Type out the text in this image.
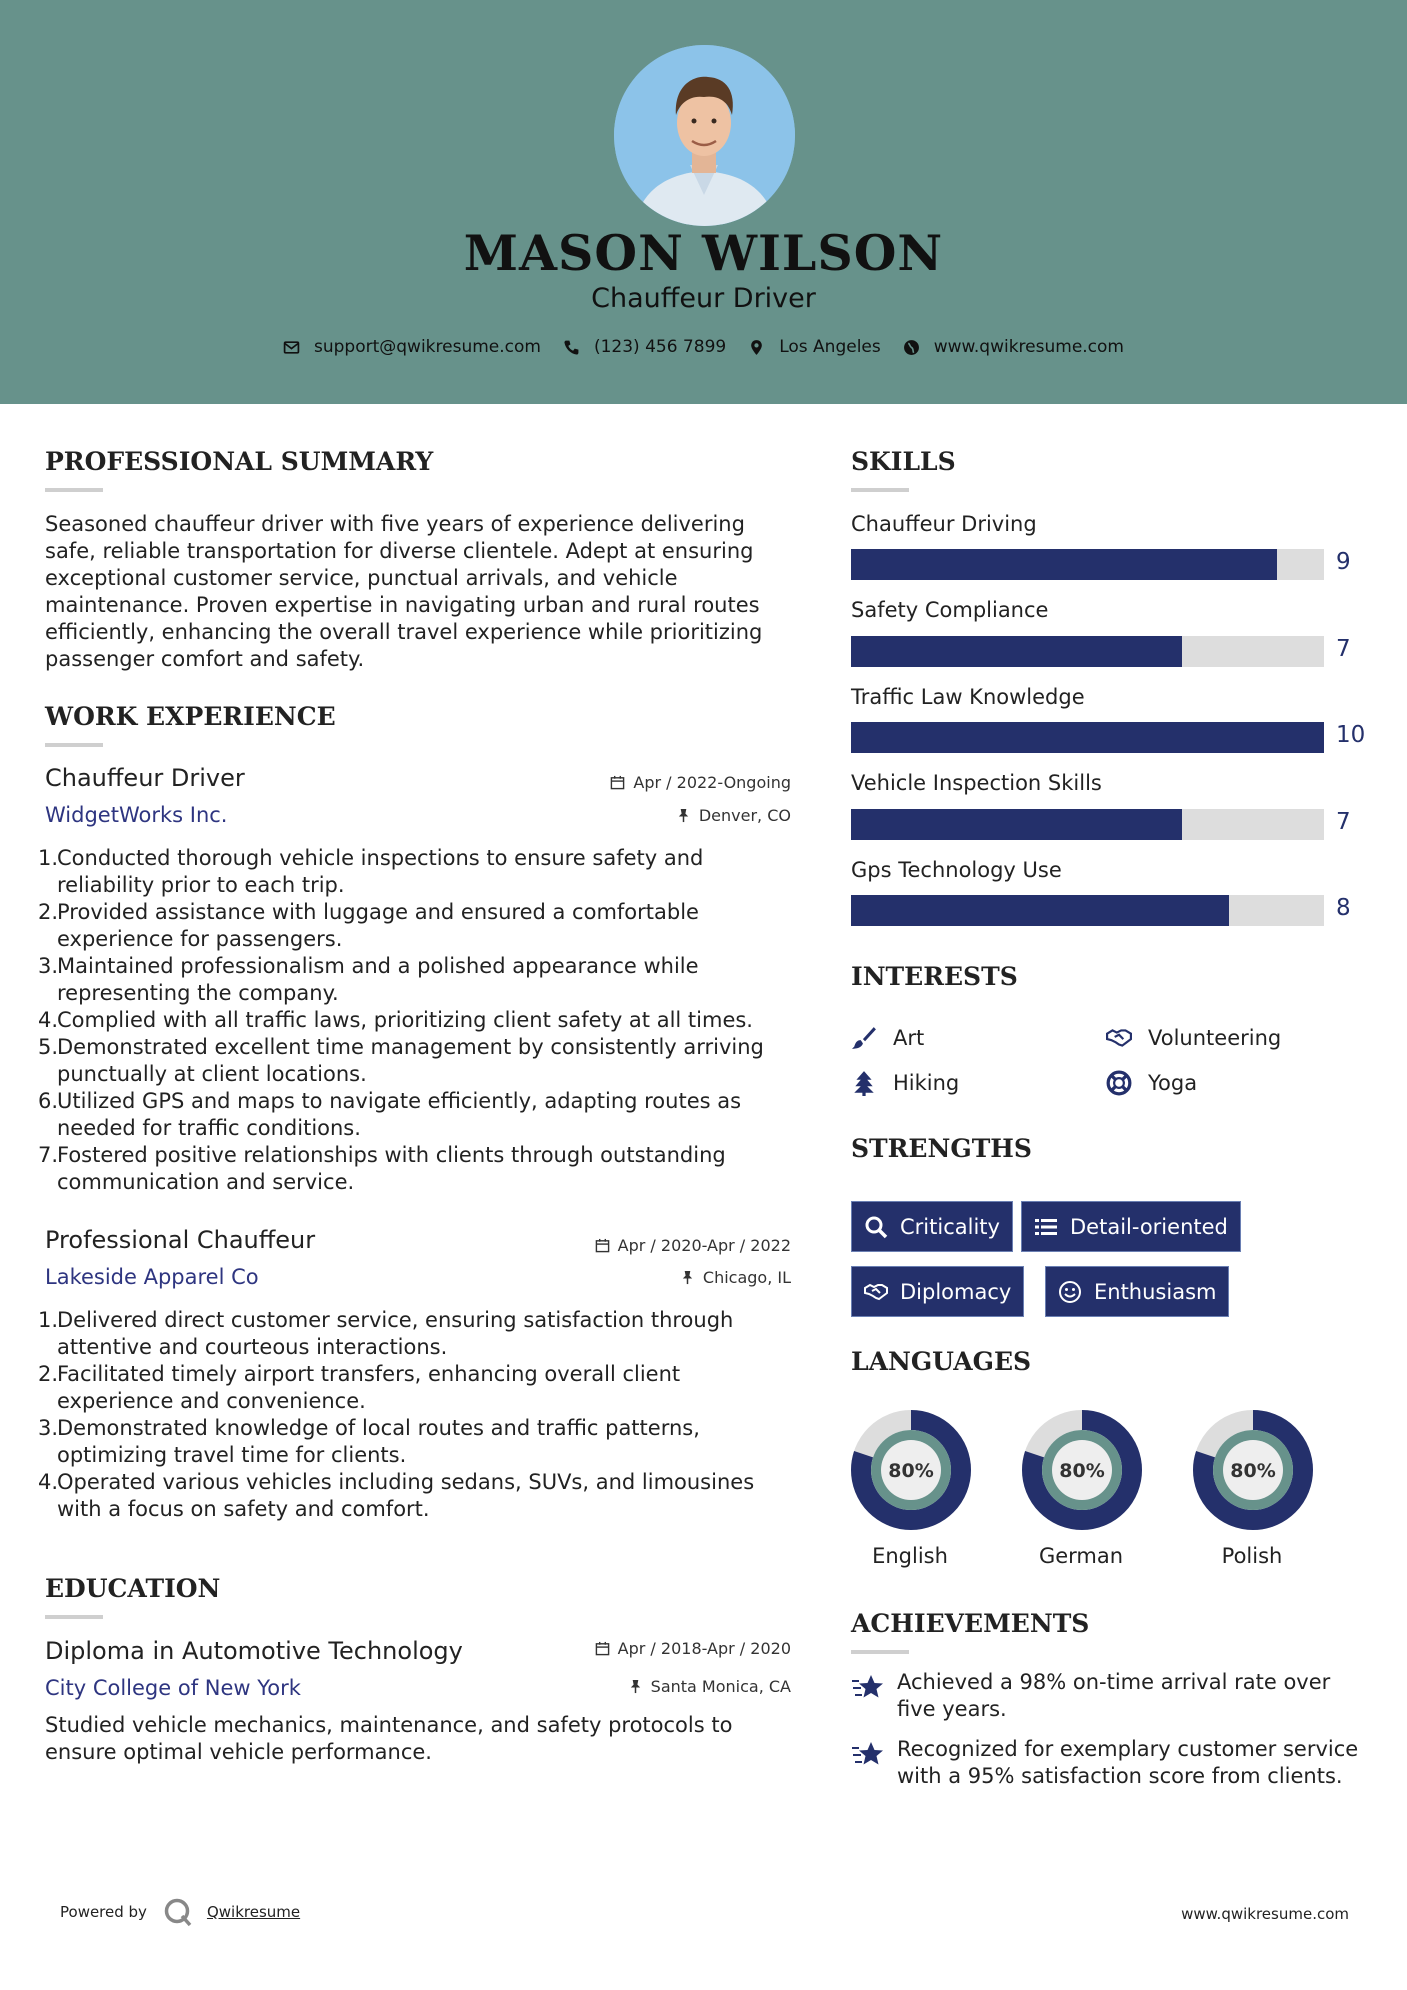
MASON WILSON
Chauffeur Driver
support@qwikresume.com	(123) 456 7899	Los Angeles	www.qwikresume.com
PROFESSIONAL SUMMARY
Seasoned chauffeur driver with five years of experience delivering safe, reliable transportation for diverse clientele. Adept at ensuring exceptional customer service, punctual arrivals, and vehicle maintenance. Proven expertise in navigating urban and rural routes efficiently, enhancing the overall travel experience while prioritizing passenger comfort and safety.
WORK EXPERIENCE
Chauffeur Driver	Apr / 2022-Ongoing
WidgetWorks Inc.	Denver, CO
1.
Conducted thorough vehicle inspections to ensure safety and reliability prior to each trip.
2.
Provided assistance with luggage and ensured a comfortable experience for passengers.
3.
Maintained professionalism and a polished appearance while representing the company.
4.
Complied with all traffic laws, prioritizing client safety at all times.
5.
Demonstrated excellent time management by consistently arriving punctually at client locations.
6.
Utilized GPS and maps to navigate efficiently, adapting routes as needed for traffic conditions.
7.
Fostered positive relationships with clients through outstanding communication and service.
Professional Chauffeur	Apr / 2020-Apr / 2022
Lakeside Apparel Co	Chicago, IL
1.
Delivered direct customer service, ensuring satisfaction through attentive and courteous interactions.
2.
Facilitated timely airport transfers, enhancing overall client experience and convenience.
3.
Demonstrated knowledge of local routes and traffic patterns, optimizing travel time for clients.
4.
Operated various vehicles including sedans, SUVs, and limousines with a focus on safety and comfort.
EDUCATION
Diploma in Automotive Technology	Apr / 2018-Apr / 2020
City College of New York	Santa Monica, CA
Studied vehicle mechanics, maintenance, and safety protocols to ensure optimal vehicle performance.
SKILLS
Chauffeur Driving
9
Safety Compliance
7
Traffic Law Knowledge
10
Vehicle Inspection Skills
7
Gps Technology Use
8
INTERESTS
Art	Volunteering
Hiking	Yoga
STRENGTHS
Criticality	Detail-oriented
Diplomacy	Enthusiasm
LANGUAGES
80%
English
80%
German
80%
Polish
ACHIEVEMENTS
Achieved a 98% on-time arrival rate over five years.
Recognized for exemplary customer service with a 95% satisfaction score from clients.
Powered by	Qwikresume	www.qwikresume.com
